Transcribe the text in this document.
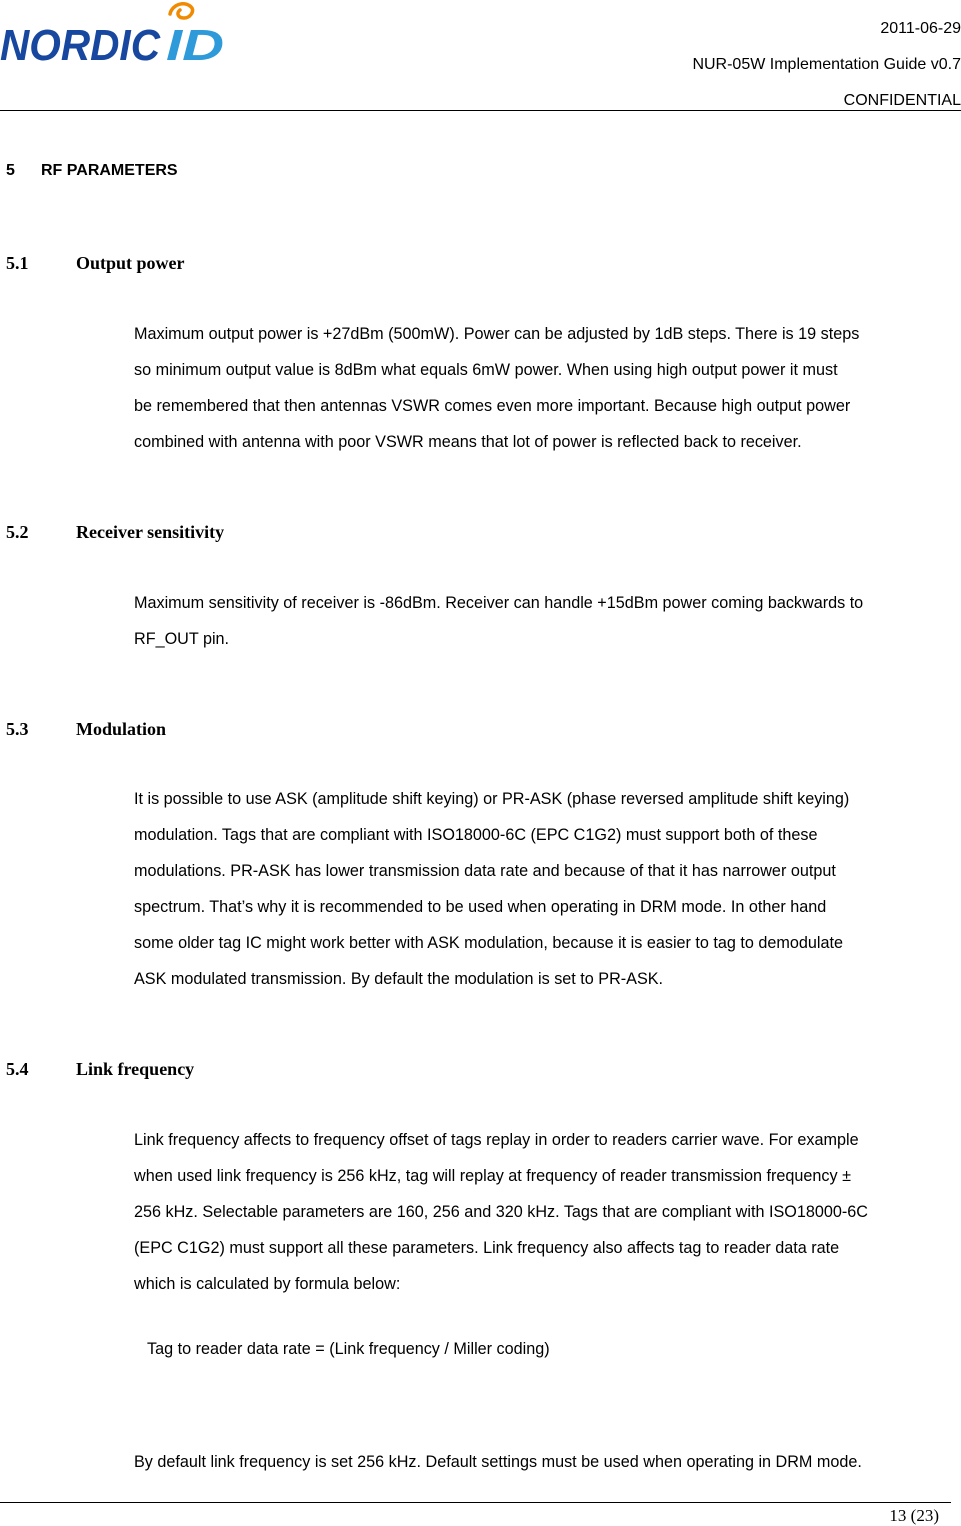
NORDIC ID	2011-06-29
NUR-05W Implementation Guide v0.7
CONFIDENTIAL
5 RF PARAMETERS
5.1	Output power
Maximum output power is +27dBm (500mW). Power can be adjusted by 1dB steps. There is 19 steps
so minimum output value is 8dBm what equals 6mW power. When using high output power it must
be remembered that then antennas VSWR comes even more important. Because high output power
combined with antenna with poor VSWR means that lot of power is reflected back to receiver.
5.2	Receiver sensitivity
Maximum sensitivity of receiver is -86dBm. Receiver can handle +15dBm power coming backwards to
RF_OUT pin.
5.3	Modulation
It is possible to use ASK (amplitude shift keying) or PR-ASK (phase reversed amplitude shift keying)
modulation. Tags that are compliant with ISO18000-6C (EPC C1G2) must support both of these
modulations. PR-ASK has lower transmission data rate and because of that it has narrower output
spectrum. That’s why it is recommended to be used when operating in DRM mode. In other hand
some older tag IC might work better with ASK modulation, because it is easier to tag to demodulate
ASK modulated transmission. By default the modulation is set to PR-ASK.
5.4	Link frequency
Link frequency affects to frequency offset of tags replay in order to readers carrier wave. For example
when used link frequency is 256 kHz, tag will replay at frequency of reader transmission frequency ±
256 kHz. Selectable parameters are 160, 256 and 320 kHz. Tags that are compliant with ISO18000-6C
(EPC C1G2) must support all these parameters. Link frequency also affects tag to reader data rate
which is calculated by formula below:
Tag to reader data rate = (Link frequency / Miller coding)
By default link frequency is set 256 kHz. Default settings must be used when operating in DRM mode.
13 (23)
